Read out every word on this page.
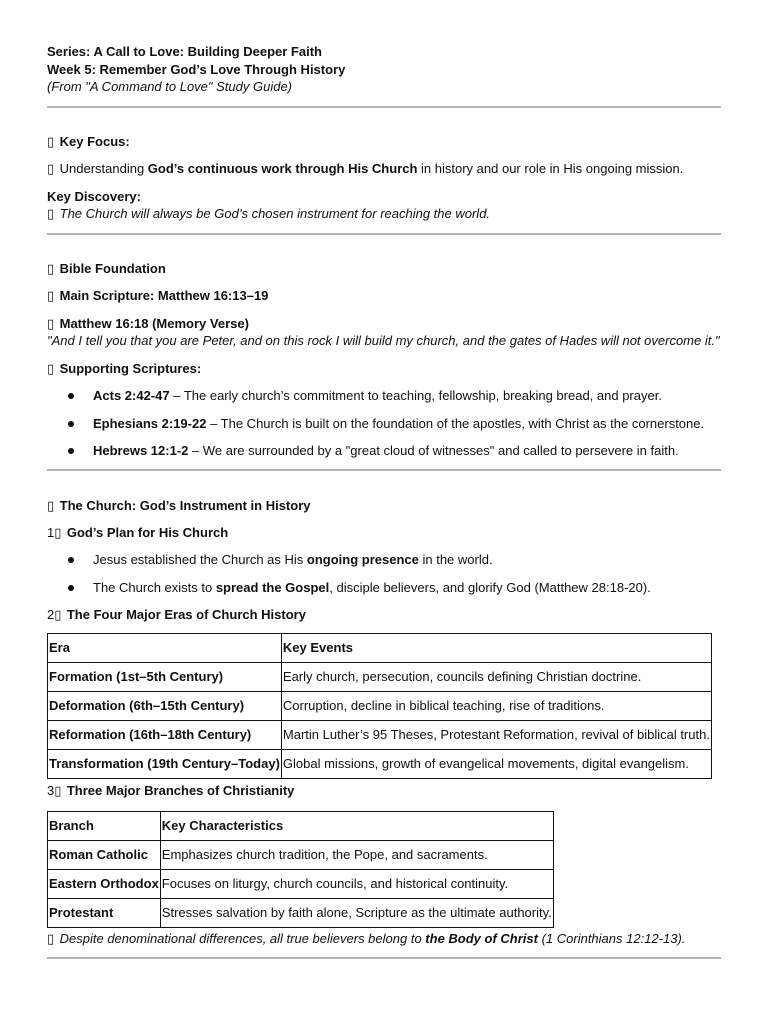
Series: A Call to Love: Building Deeper Faith
Week 5: Remember God’s Love Through History
(From "A Command to Love" Study Guide)
▯ Key Focus:
▯ Understanding God’s continuous work through His Church in history and our role in His ongoing mission.
Key Discovery:
▯ The Church will always be God’s chosen instrument for reaching the world.
▯ Bible Foundation
▯ Main Scripture: Matthew 16:13–19
▯ Matthew 16:18 (Memory Verse)
"And I tell you that you are Peter, and on this rock I will build my church, and the gates of Hades will not overcome it."
▯ Supporting Scriptures:
Acts 2:42-47 – The early church’s commitment to teaching, fellowship, breaking bread, and prayer.
Ephesians 2:19-22 – The Church is built on the foundation of the apostles, with Christ as the cornerstone.
Hebrews 12:1-2 – We are surrounded by a "great cloud of witnesses" and called to persevere in faith.
▯ The Church: God’s Instrument in History
1▯ God’s Plan for His Church
Jesus established the Church as His ongoing presence in the world.
The Church exists to spread the Gospel, disciple believers, and glorify God (Matthew 28:18-20).
2▯ The Four Major Eras of Church History
Era	Key Events
Formation (1st–5th Century)	Early church, persecution, councils defining Christian doctrine.
Deformation (6th–15th Century)	Corruption, decline in biblical teaching, rise of traditions.
Reformation (16th–18th Century)	Martin Luther’s 95 Theses, Protestant Reformation, revival of biblical truth.
Transformation (19th Century–Today)	Global missions, growth of evangelical movements, digital evangelism.
3▯ Three Major Branches of Christianity
Branch	Key Characteristics
Roman Catholic	Emphasizes church tradition, the Pope, and sacraments.
Eastern Orthodox	Focuses on liturgy, church councils, and historical continuity.
Protestant	Stresses salvation by faith alone, Scripture as the ultimate authority.
▯ Despite denominational differences, all true believers belong to the Body of Christ (1 Corinthians 12:12-13).
